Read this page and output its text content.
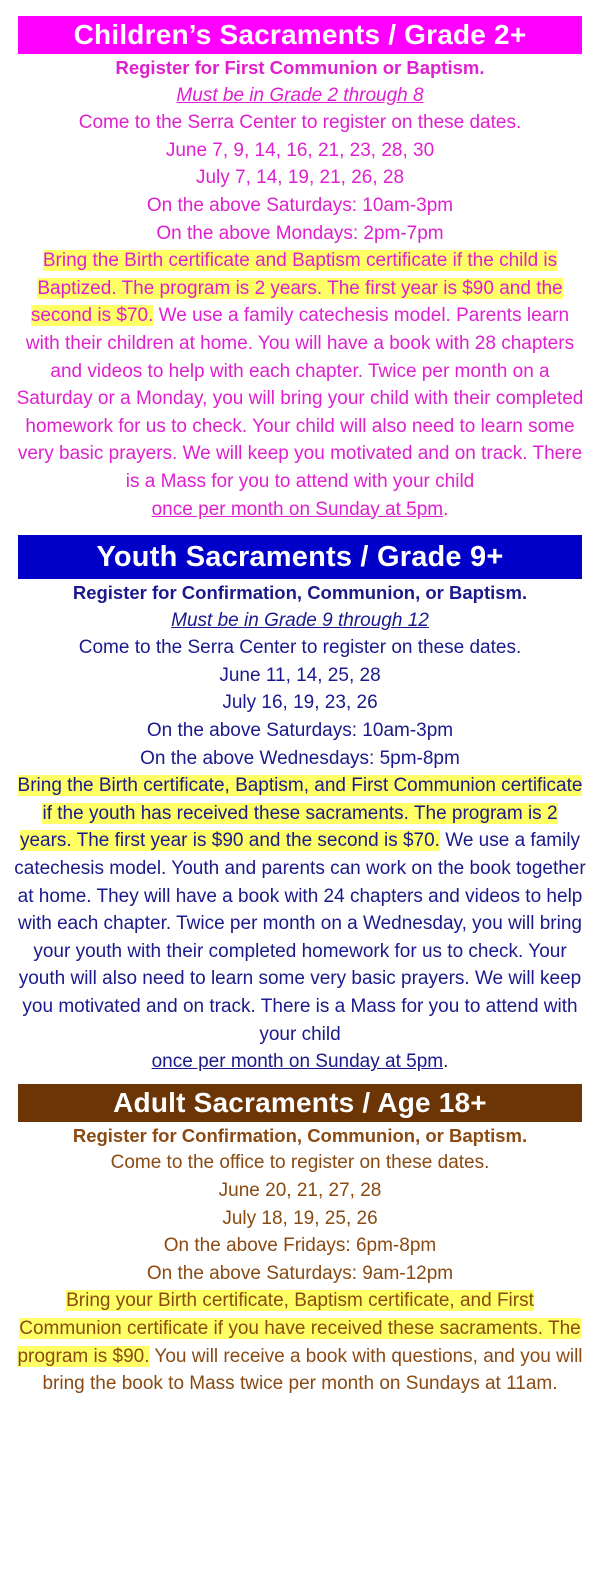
Children’s Sacraments / Grade 2+
Register for First Communion or Baptism.
Must be in Grade 2 through 8
Come to the Serra Center to register on these dates.
June 7, 9, 14, 16, 21, 23, 28, 30
July 7, 14, 19, 21, 26, 28
On the above Saturdays: 10am-3pm
On the above Mondays: 2pm-7pm
Bring the Birth certificate and Baptism certificate if the child is Baptized. The program is 2 years. The first year is $90 and the second is $70. We use a family catechesis model. Parents learn with their children at home. You will have a book with 28 chapters and videos to help with each chapter. Twice per month on a Saturday or a Monday, you will bring your child with their completed homework for us to check. Your child will also need to learn some very basic prayers. We will keep you motivated and on track. There is a Mass for you to attend with your child
once per month on Sunday at 5pm.
Youth Sacraments / Grade 9+
Register for Confirmation, Communion, or Baptism.
Must be in Grade 9 through 12
Come to the Serra Center to register on these dates.
June 11, 14, 25, 28
July 16, 19, 23, 26
On the above Saturdays: 10am-3pm
On the above Wednesdays: 5pm-8pm
Bring the Birth certificate, Baptism, and First Communion certificate if the youth has received these sacraments. The program is 2 years. The first year is $90 and the second is $70. We use a family catechesis model. Youth and parents can work on the book together at home. They will have a book with 24 chapters and videos to help with each chapter. Twice per month on a Wednesday, you will bring your youth with their completed homework for us to check. Your youth will also need to learn some very basic prayers. We will keep you motivated and on track. There is a Mass for you to attend with your child
once per month on Sunday at 5pm.
Adult Sacraments / Age 18+
Register for Confirmation, Communion, or Baptism.
Come to the office to register on these dates.
June 20, 21, 27, 28
July 18, 19, 25, 26
On the above Fridays: 6pm-8pm
On the above Saturdays: 9am-12pm
Bring your Birth certificate, Baptism certificate, and First Communion certificate if you have received these sacraments. The program is $90. You will receive a book with questions, and you will bring the book to Mass twice per month on Sundays at 11am.
